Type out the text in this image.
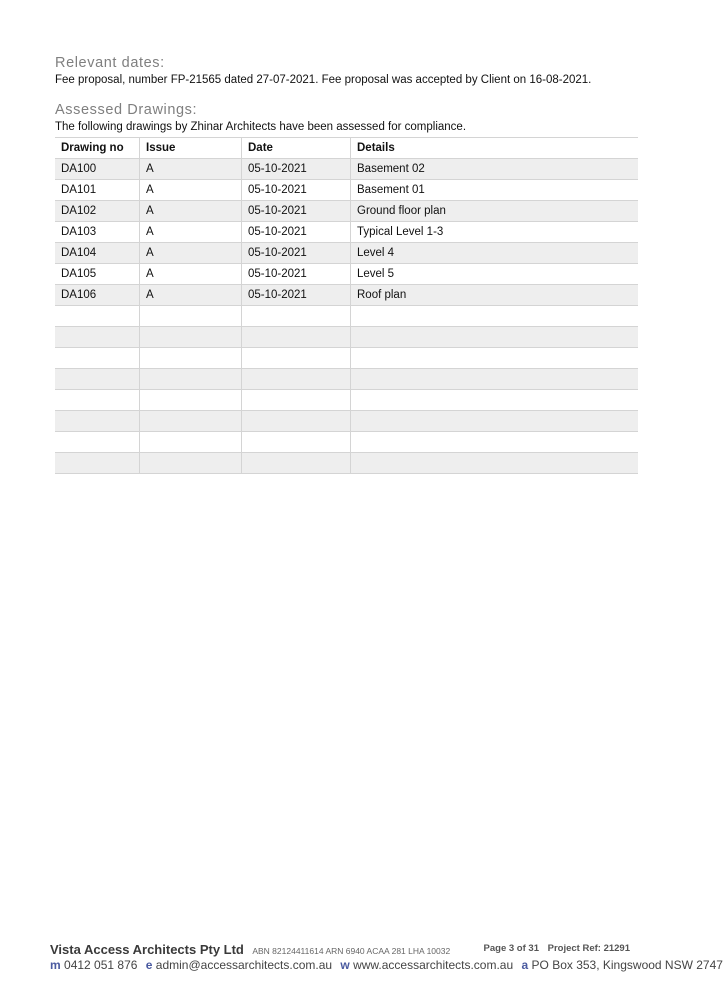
Relevant dates:
Fee proposal, number FP-21565 dated 27-07-2021. Fee proposal was accepted by Client on 16-08-2021.
Assessed Drawings:
The following drawings by Zhinar Architects have been assessed for compliance.
Drawing no	Issue	Date	Details
DA100	A	05-10-2021	Basement 02
DA101	A	05-10-2021	Basement 01
DA102	A	05-10-2021	Ground floor plan
DA103	A	05-10-2021	Typical Level 1-3
DA104	A	05-10-2021	Level 4
DA105	A	05-10-2021	Level 5
DA106	A	05-10-2021	Roof plan

Vista Access Architects Pty Ltd ABN 82124411614 ARN 6940 ACAA 281 LHA 10032	Page 3 of 31 Project Ref: 21291
m 0412 051 876 e admin@accessarchitects.com.au w www.accessarchitects.com.au a PO Box 353, Kingswood NSW 2747
